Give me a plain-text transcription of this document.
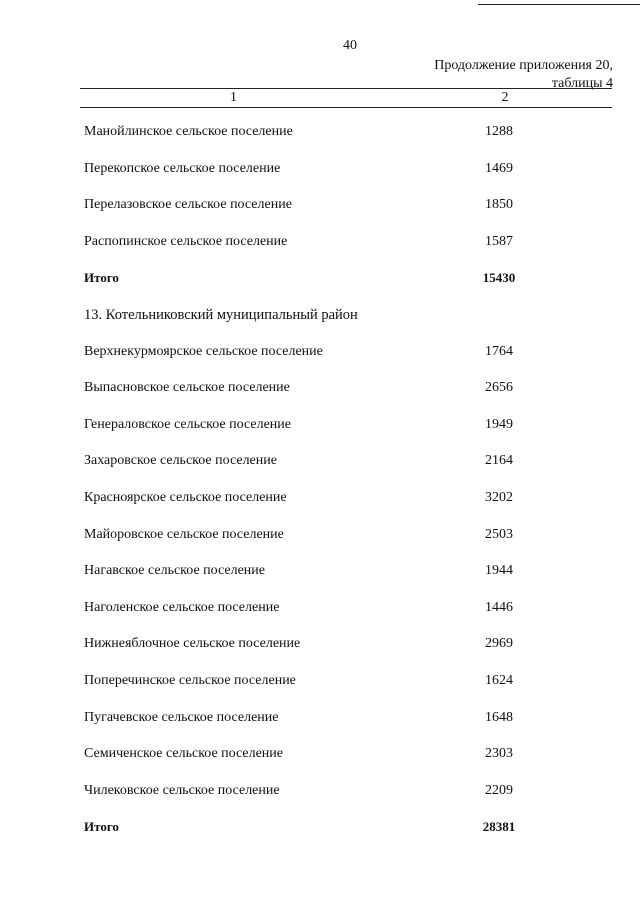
40
Продолжение приложения 20,
таблицы 4
1	2
Манойлинское сельское поселение	1288
Перекопское сельское поселение	1469
Перелазовское сельское поселение	1850
Распопинское сельское поселение	1587
Итого	15430
13. Котельниковский муниципальный район
Верхнекурмоярское сельское поселение	1764
Выпасновское сельское поселение	2656
Генераловское сельское поселение	1949
Захаровское сельское поселение	2164
Красноярское сельское поселение	3202
Майоровское сельское поселение	2503
Нагавское сельское поселение	1944
Наголенское сельское поселение	1446
Нижнеяблочное сельское поселение	2969
Поперечинское сельское поселение	1624
Пугачевское сельское поселение	1648
Семиченское сельское поселение	2303
Чилековское сельское поселение	2209
Итого	28381
